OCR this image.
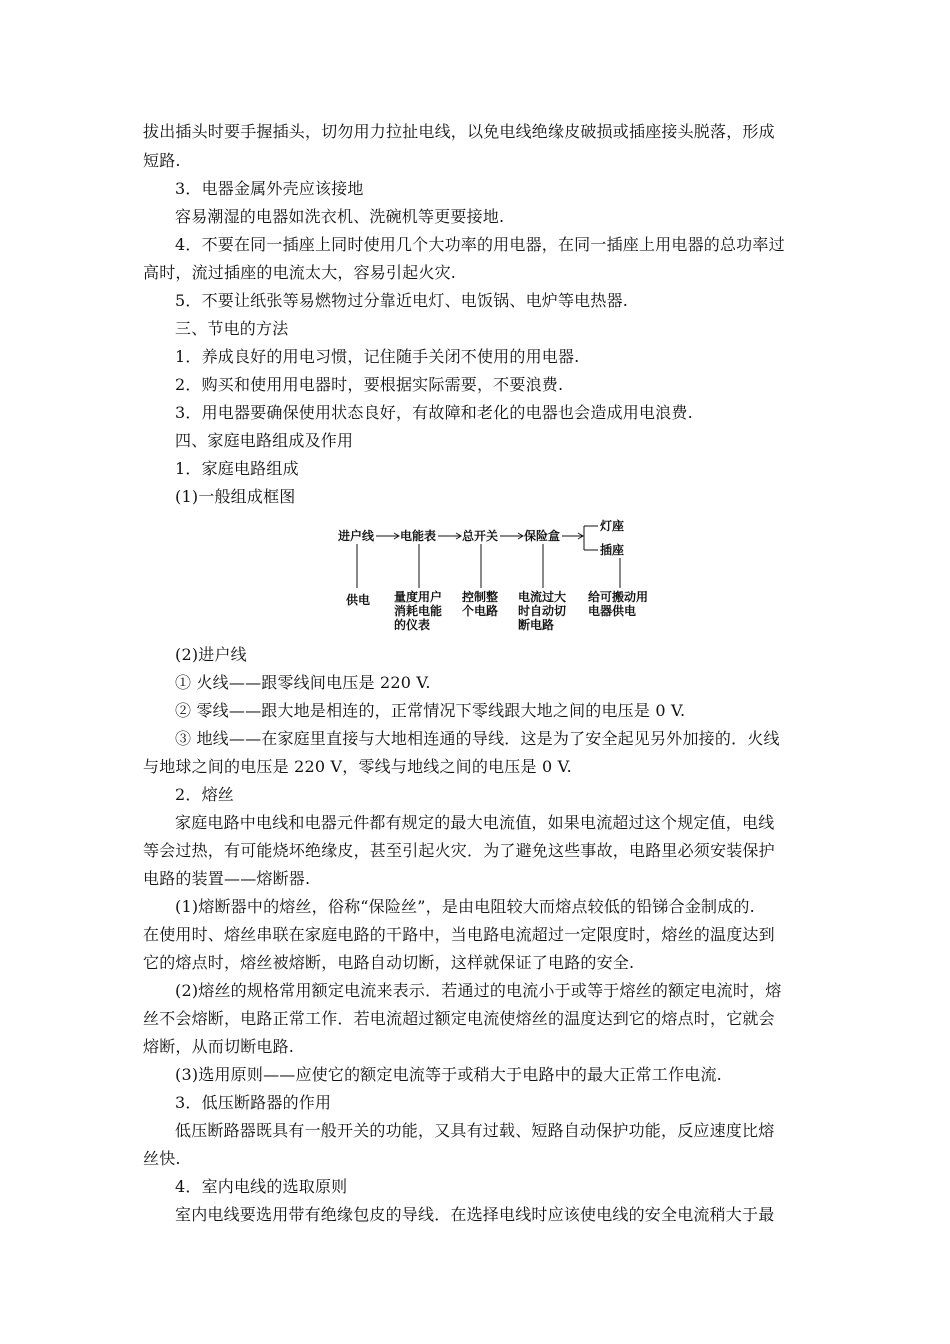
拔出插头时要手握插头，切勿用力拉扯电线，以免电线绝缘皮破损或插座接头脱落，形成
短路.
3．电器金属外壳应该接地
容易潮湿的电器如洗衣机、洗碗机等更要接地.
4．不要在同一插座上同时使用几个大功率的用电器，在同一插座上用电器的总功率过
高时，流过插座的电流太大，容易引起火灾.
5．不要让纸张等易燃物过分靠近电灯、电饭锅、电炉等电热器.
三、节电的方法
1．养成良好的用电习惯，记住随手关闭不使用的用电器.
2．购买和使用用电器时，要根据实际需要，不要浪费.
3．用电器要确保使用状态良好，有故障和老化的电器也会造成用电浪费.
四、家庭电路组成及作用
1．家庭电路组成
(1)一般组成框图
进户线 电能表 总开关 保险盒
灯座
插座
供电 量度用户
消耗电能
的仪表
控制整
个电路
电流过大
时自动切
断电路
给可搬动用
电器供电
(2)进户线
① 火线——跟零线间电压是 220 V.
② 零线——跟大地是相连的，正常情况下零线跟大地之间的电压是 0 V.
③ 地线——在家庭里直接与大地相连通的导线．这是为了安全起见另外加接的．火线
与地球之间的电压是 220 V，零线与地线之间的电压是 0 V.
2．熔丝
家庭电路中电线和电器元件都有规定的最大电流值，如果电流超过这个规定值，电线
等会过热，有可能烧坏绝缘皮，甚至引起火灾．为了避免这些事故，电路里必须安装保护
电路的装置——熔断器.
(1)熔断器中的熔丝，俗称“保险丝”，是由电阻较大而熔点较低的铅锑合金制成的.
在使用时、熔丝串联在家庭电路的干路中，当电路电流超过一定限度时，熔丝的温度达到
它的熔点时，熔丝被熔断，电路自动切断，这样就保证了电路的安全.
(2)熔丝的规格常用额定电流来表示．若通过的电流小于或等于熔丝的额定电流时，熔
丝不会熔断，电路正常工作．若电流超过额定电流使熔丝的温度达到它的熔点时，它就会
熔断，从而切断电路.
(3)选用原则——应使它的额定电流等于或稍大于电路中的最大正常工作电流.
3．低压断路器的作用
低压断路器既具有一般开关的功能，又具有过载、短路自动保护功能，反应速度比熔
丝快.
4．室内电线的选取原则
室内电线要选用带有绝缘包皮的导线．在选择电线时应该使电线的安全电流稍大于最
